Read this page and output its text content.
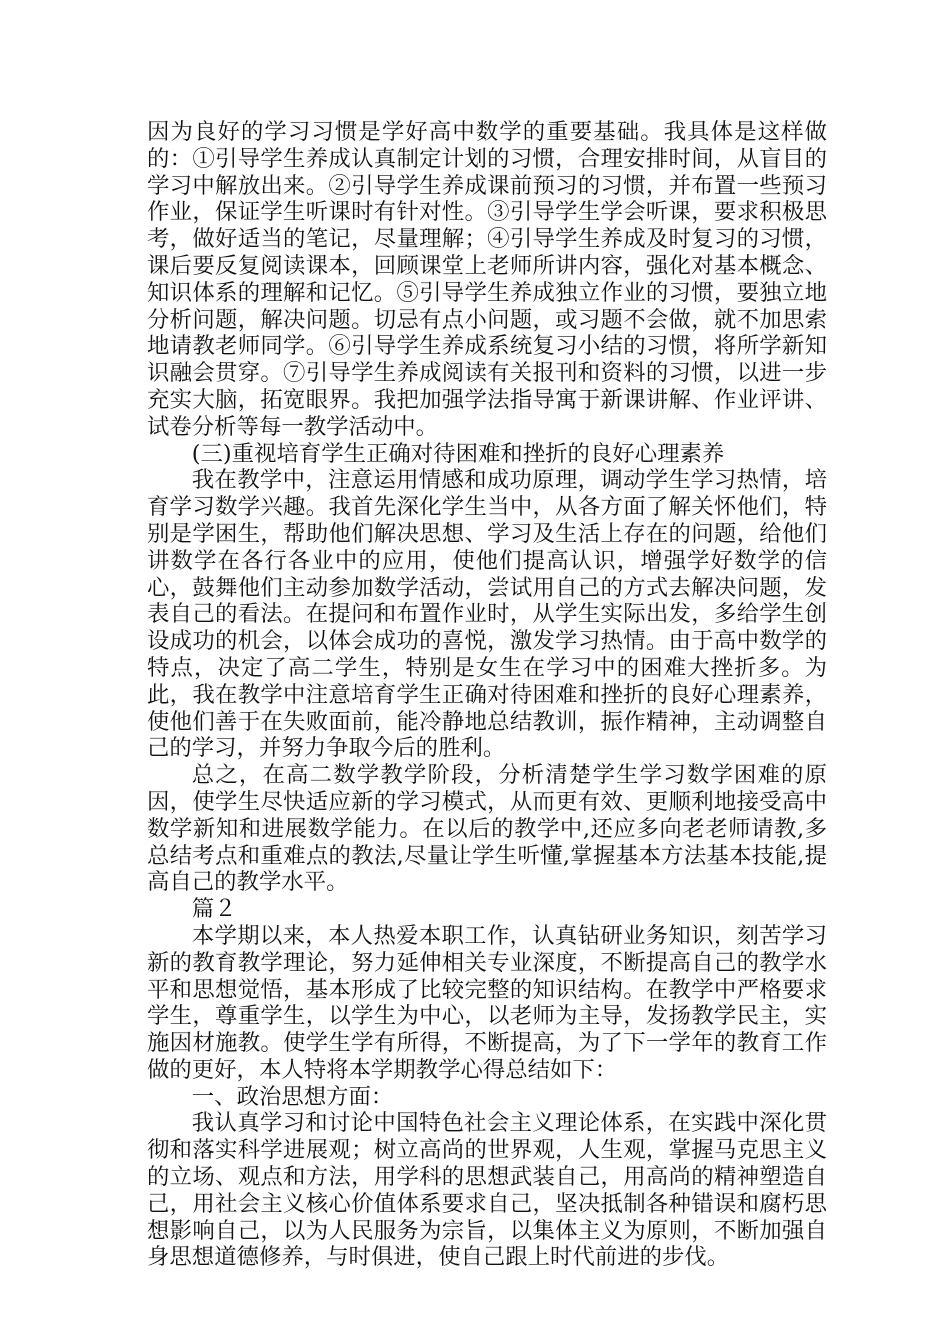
因为良好的学习习惯是学好高中数学的重要基础。我具体是这样做的：①引导学生养成认真制定计划的习惯，合理安排时间，从盲目的学习中解放出来。②引导学生养成课前预习的习惯，并布置一些预习作业，保证学生听课时有针对性。③引导学生学会听课，要求积极思考，做好适当的笔记，尽量理解；④引导学生养成及时复习的习惯，课后要反复阅读课本，回顾课堂上老师所讲内容，强化对基本概念、知识体系的理解和记忆。⑤引导学生养成独立作业的习惯，要独立地分析问题，解决问题。切忌有点小问题，或习题不会做，就不加思索地请教老师同学。⑥引导学生养成系统复习小结的习惯，将所学新知识融会贯穿。⑦引导学生养成阅读有关报刊和资料的习惯，以进一步充实大脑，拓宽眼界。我把加强学法指导寓于新课讲解、作业评讲、试卷分析等每一教学活动中。

(三)重视培育学生正确对待困难和挫折的良好心理素养

我在教学中，注意运用情感和成功原理，调动学生学习热情，培育学习数学兴趣。我首先深化学生当中，从各方面了解关怀他们，特别是学困生，帮助他们解决思想、学习及生活上存在的问题，给他们讲数学在各行各业中的应用，使他们提高认识，增强学好数学的信心，鼓舞他们主动参加数学活动，尝试用自己的方式去解决问题，发表自己的看法。在提问和布置作业时，从学生实际出发，多给学生创设成功的机会，以体会成功的喜悦，激发学习热情。由于高中数学的特点，决定了高二学生，特别是女生在学习中的困难大挫折多。为此，我在教学中注意培育学生正确对待困难和挫折的良好心理素养，使他们善于在失败面前，能冷静地总结教训，振作精神，主动调整自己的学习，并努力争取今后的胜利。

总之，在高二数学教学阶段，分析清楚学生学习数学困难的原因，使学生尽快适应新的学习模式，从而更有效、更顺利地接受高中数学新知和进展数学能力。在以后的教学中,还应多向老老师请教,多总结考点和重难点的教法,尽量让学生听懂,掌握基本方法基本技能,提高自己的教学水平。

篇２

本学期以来，本人热爱本职工作，认真钻研业务知识，刻苦学习新的教育教学理论，努力延伸相关专业深度，不断提高自己的教学水平和思想觉悟，基本形成了比较完整的知识结构。在教学中严格要求学生，尊重学生，以学生为中心，以老师为主导，发扬教学民主，实施因材施教。使学生学有所得，不断提高，为了下一学年的教育工作做的更好，本人特将本学期教学心得总结如下：

一、政治思想方面：

我认真学习和讨论中国特色社会主义理论体系，在实践中深化贯彻和落实科学进展观；树立高尚的世界观，人生观，掌握马克思主义的立场、观点和方法，用学科的思想武装自己，用高尚的精神塑造自己，用社会主义核心价值体系要求自己，坚决抵制各种错误和腐朽思想影响自己，以为人民服务为宗旨，以集体主义为原则，不断加强自身思想道德修养，与时俱进，使自己跟上时代前进的步伐。
